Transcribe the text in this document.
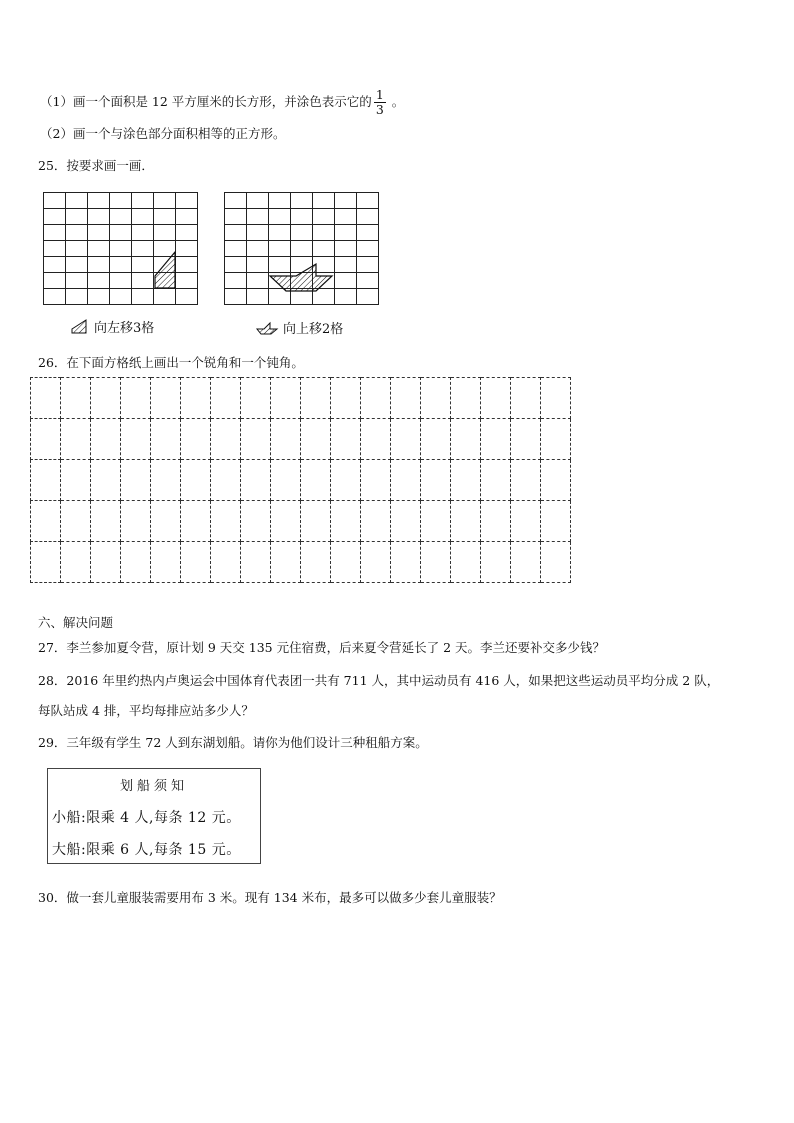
（1）画一个面积是 12 平方厘米的长方形，并涂色表示它的 $\frac{1}{3}$ 。
（2）画一个与涂色部分面积相等的正方形。
25．按要求画一画．

向左移3格

							向上移2格
26．在下面方格纸上画出一个锐角和一个钝角。

六、解决问题
27．李兰参加夏令营，原计划 9 天交 135 元住宿费，后来夏令营延长了 2 天。李兰还要补交多少钱？
28．2016 年里约热内卢奥运会中国体育代表团一共有 711 人，其中运动员有 416 人，如果把这些运动员平均分成 2 队，
每队站成 4 排，平均每排应站多少人？
29．三年级有学生 72 人到东湖划船。请你为他们设计三种租船方案。
划船须知
小船:限乘 4 人,每条 12 元。
大船:限乘 6 人,每条 15 元。
30．做一套儿童服装需要用布 3 米。现有 134 米布，最多可以做多少套儿童服装？
